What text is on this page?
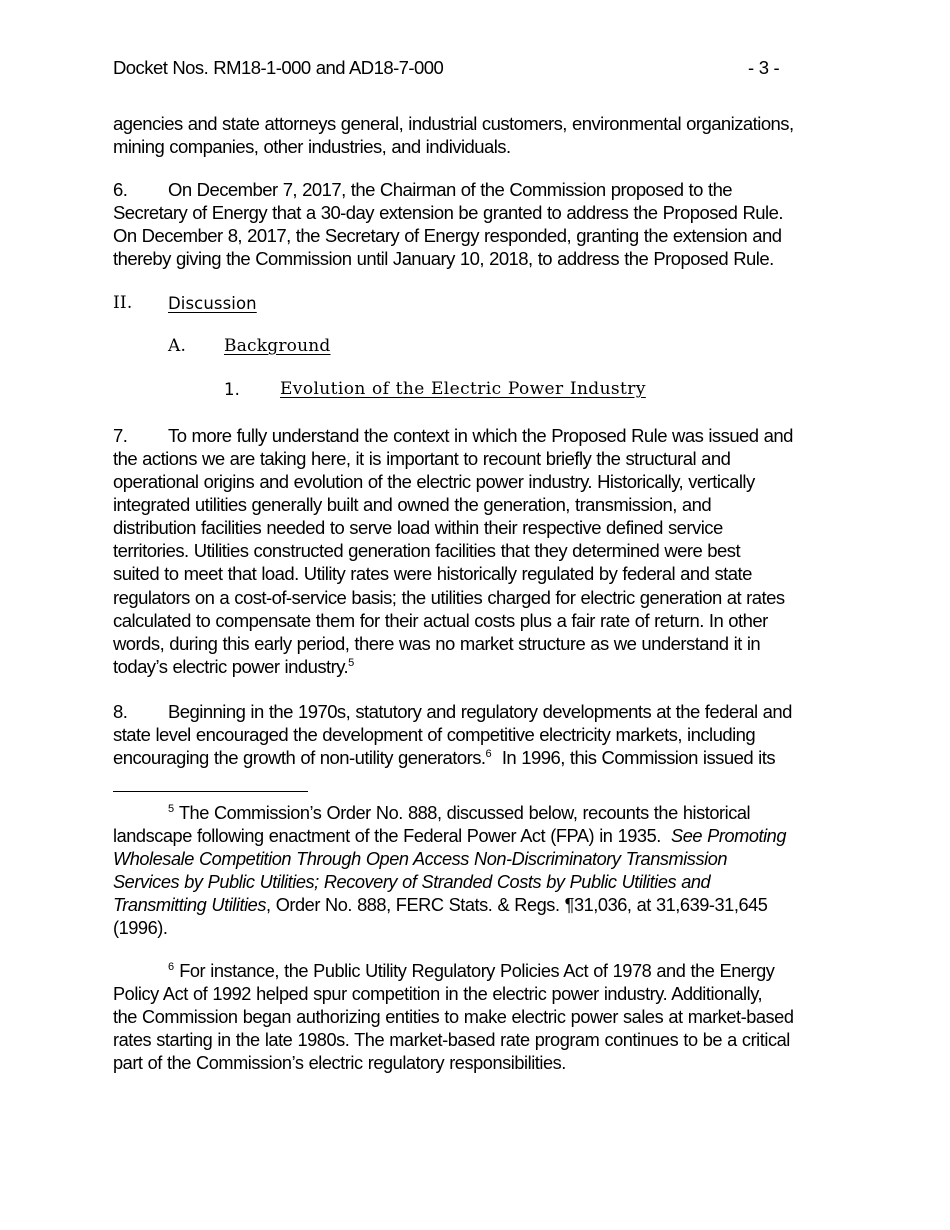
Docket Nos. RM18-1-000 and AD18-7-000	- 3 -
agencies and state attorneys general, industrial customers, environmental organizations,
mining companies, other industries, and individuals.
6. On December 7, 2017, the Chairman of the Commission proposed to the
Secretary of Energy that a 30-day extension be granted to address the Proposed Rule.
On December 8, 2017, the Secretary of Energy responded, granting the extension and
thereby giving the Commission until January 10, 2018, to address the Proposed Rule.
II. Discussion
A. Background
1. Evolution of the Electric Power Industry
7. To more fully understand the context in which the Proposed Rule was issued and
the actions we are taking here, it is important to recount briefly the structural and
operational origins and evolution of the electric power industry. Historically, vertically
integrated utilities generally built and owned the generation, transmission, and
distribution facilities needed to serve load within their respective defined service
territories. Utilities constructed generation facilities that they determined were best
suited to meet that load. Utility rates were historically regulated by federal and state
regulators on a cost-of-service basis; the utilities charged for electric generation at rates
calculated to compensate them for their actual costs plus a fair rate of return. In other
words, during this early period, there was no market structure as we understand it in
today’s electric power industry.$^5$
8. Beginning in the 1970s, statutory and regulatory developments at the federal and
state level encouraged the development of competitive electricity markets, including
encouraging the growth of non-utility generators.$^6$  In 1996, this Commission issued its
$^5$ The Commission’s Order No. 888, discussed below, recounts the historical
landscape following enactment of the Federal Power Act (FPA) in 1935.  See Promoting
Wholesale Competition Through Open Access Non-Discriminatory Transmission
Services by Public Utilities; Recovery of Stranded Costs by Public Utilities and
Transmitting Utilities, Order No. 888, FERC Stats. & Regs. ¶31,036, at 31,639-31,645
(1996).
$^6$ For instance, the Public Utility Regulatory Policies Act of 1978 and the Energy
Policy Act of 1992 helped spur competition in the electric power industry. Additionally,
the Commission began authorizing entities to make electric power sales at market-based
rates starting in the late 1980s. The market-based rate program continues to be a critical
part of the Commission’s electric regulatory responsibilities.
